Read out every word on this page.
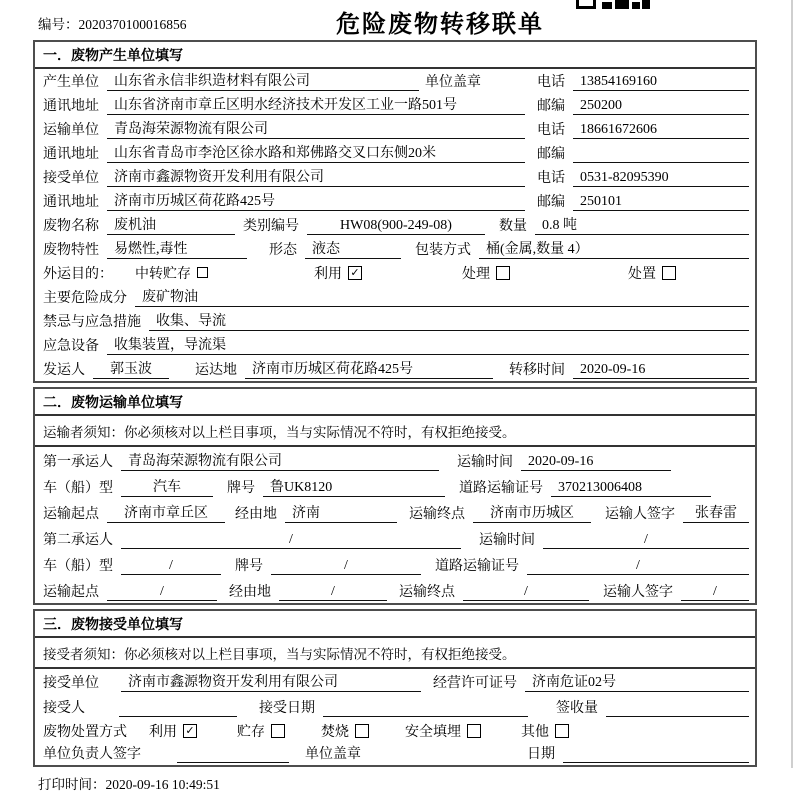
编号：2020370100016856	危险废物转移联单
一．废物产生单位填写
产生单位	山东省永信非织造材料有限公司	单位盖章	电话	13854169160
通讯地址	山东省济南市章丘区明水经济技术开发区工业一路501号	邮编	250200
运输单位	青岛海荣源物流有限公司	电话	18661672606
通讯地址	山东省青岛市李沧区徐水路和郑佛路交叉口东侧20米	邮编
接受单位	济南市鑫源物资开发利用有限公司	电话	0531-82095390
通讯地址	济南市历城区荷花路425号	邮编	250101
废物名称	废机油	类别编号	HW08(900-249-08)	数量	0.8 吨
废物特性	易燃性,毒性	形态	液态	包装方式	桶(金属,数量 4）
外运目的： 中转贮存	利用 ✓	处理	处置
主要危险成分	废矿物油
禁忌与应急措施	收集、导流
应急设备	收集装置，导流渠
发运人	郭玉波	运达地	济南市历城区荷花路425号	转移时间	2020-09-16
二．废物运输单位填写
运输者须知：你必须核对以上栏目事项，当与实际情况不符时，有权拒绝接受。
第一承运人	青岛海荣源物流有限公司	运输时间	2020-09-16
车（船）型	汽车	牌号	鲁UK8120	道路运输证号	370213006408
运输起点	济南市章丘区	经由地	济南	运输终点	济南市历城区	运输人签字	张春雷
第二承运人	/	运输时间	/
车（船）型	/	牌号	/	道路运输证号	/
运输起点	/	经由地	/	运输终点	/	运输人签字	/
三．废物接受单位填写
接受者须知：你必须核对以上栏目事项，当与实际情况不符时，有权拒绝接受。
接受单位	济南市鑫源物资开发利用有限公司	经营许可证号	济南危证02号
接受人	接受日期	签收量
废物处置方式 利用 ✓	贮存	焚烧	安全填埋	其他
单位负责人签字	单位盖章	日期
打印时间：2020-09-16 10:49:51
